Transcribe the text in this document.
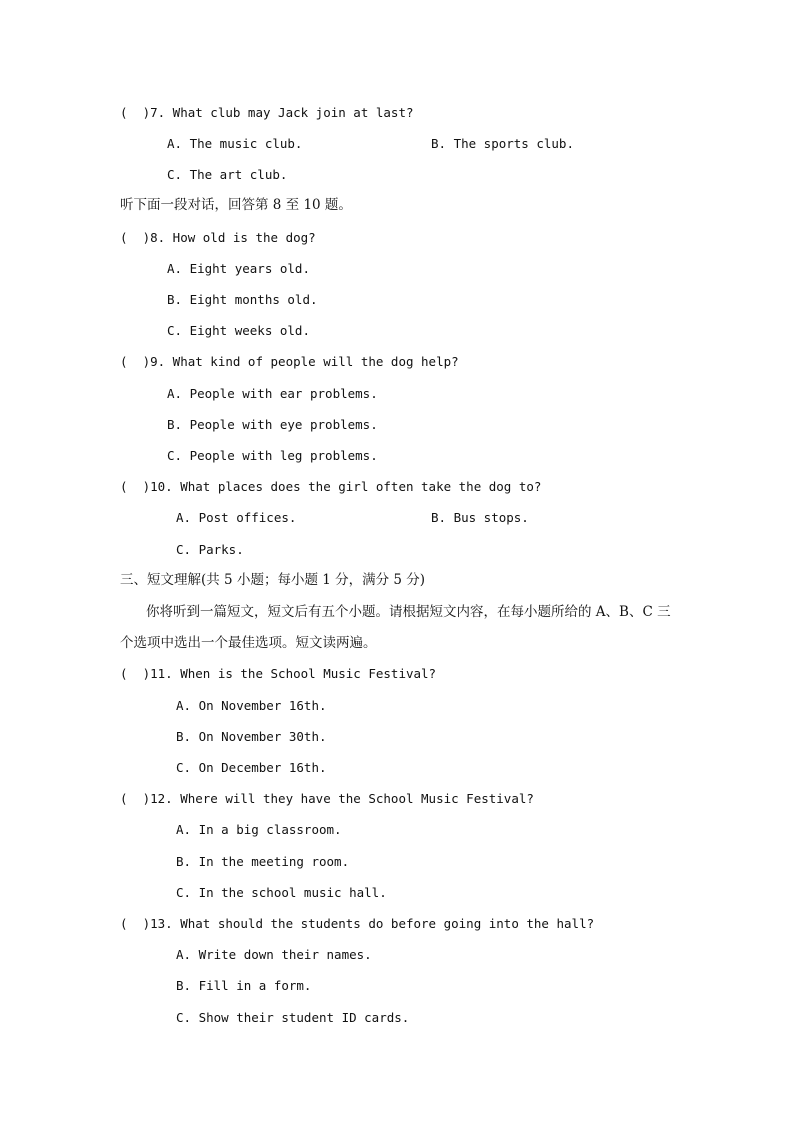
(  )7. What club may Jack join at last?
A. The music club.	B. The sports club.
C. The art club.
听下面一段对话，回答第 8 至 10 题。
(  )8. How old is the dog?
A. Eight years old.
B. Eight months old.
C. Eight weeks old.
(  )9. What kind of people will the dog help?
A. People with ear problems.
B. People with eye problems.
C. People with leg problems.
(  )10. What places does the girl often take the dog to?
A. Post offices.	B. Bus stops.
C. Parks.
三、短文理解(共 5 小题；每小题 1 分，满分 5 分)
你将听到一篇短文，短文后有五个小题。请根据短文内容，在每小题所给的 A、B、C 三
个选项中选出一个最佳选项。短文读两遍。
(  )11. When is the School Music Festival?
A. On November 16th.
B. On November 30th.
C. On December 16th.
(  )12. Where will they have the School Music Festival?
A. In a big classroom.
B. In the meeting room.
C. In the school music hall.
(  )13. What should the students do before going into the hall?
A. Write down their names.
B. Fill in a form.
C. Show their student ID cards.
